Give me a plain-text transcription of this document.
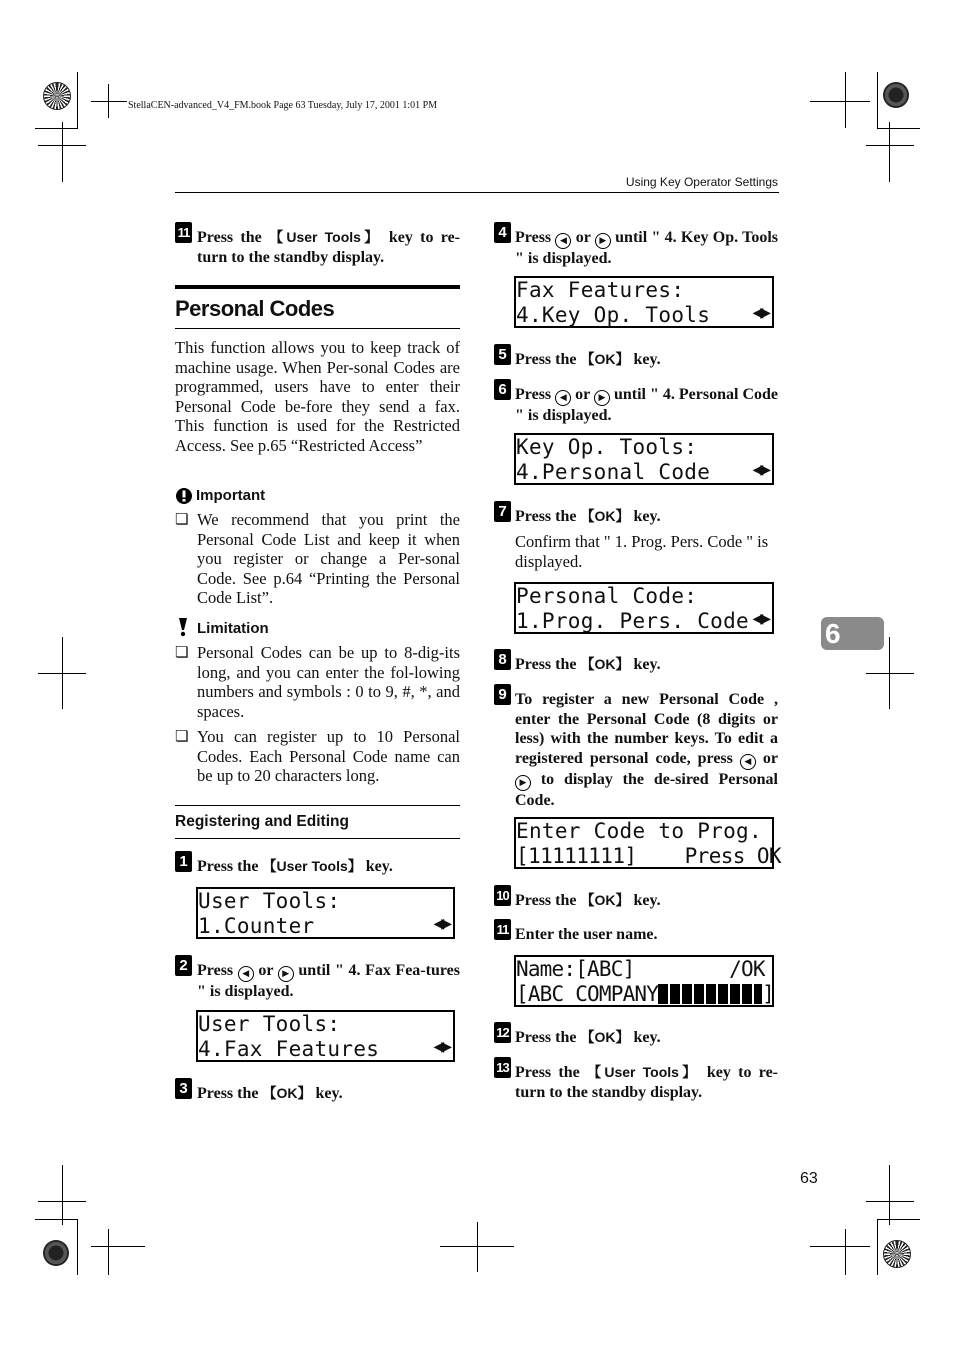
StellaCEN-advanced_V4_FM.book Page 63 Tuesday, July 17, 2001 1:01 PM
Using Key Operator Settings
6
63
11 Press the 【User Tools】 key to re-turn to the standby display.
Personal Codes
This function allows you to keep track of machine usage. When Per-sonal Codes are programmed, users have to enter their Personal Code be-fore they send a fax. This function is used for the Restricted Access. See p.65 “Restricted Access”
Important
❏ We recommend that you print the Personal Code List and keep it when you register or change a Per-sonal Code. See p.64 “Printing the Personal Code List”.
Limitation
❏ Personal Codes can be up to 8-dig-its long, and you can enter the fol-lowing numbers and symbols : 0 to 9, #, *, and spaces.
❏ You can register up to 10 Personal Codes. Each Personal Code name can be up to 20 characters long.
Registering and Editing
1 Press the 【User Tools】 key.
User Tools:
1.Counter	◀▶
2 Press ◀ or ▶ until " 4. Fax Fea-tures " is displayed.
User Tools:
4.Fax Features	◀▶
3 Press the 【OK】 key.
4 Press ◀ or ▶ until " 4. Key Op. Tools " is displayed.
Fax Features:
4.Key Op. Tools	◀▶
5 Press the 【OK】 key.
6 Press ◀ or ▶ until " 4. Personal Code " is displayed.
Key Op. Tools:
4.Personal Code	◀▶
7 Press the 【OK】 key.
Confirm that " 1. Prog. Pers. Code " is displayed.
Personal Code:
1.Prog. Pers. Code ◀▶
8 Press the 【OK】 key.
9 To register a new Personal Code , enter the Personal Code (8 digits or less) with the number keys. To edit a registered personal code, press ◀ or ▶ to display the de-sired Personal Code.
Enter Code to Prog.
[11111111]    Press OK
10 Press the 【OK】 key.
11 Enter the user name.
Name:[ABC]        /OK
[ABC COMPANY	]
12 Press the 【OK】 key.
13 Press the 【User Tools】 key to re-turn to the standby display.
